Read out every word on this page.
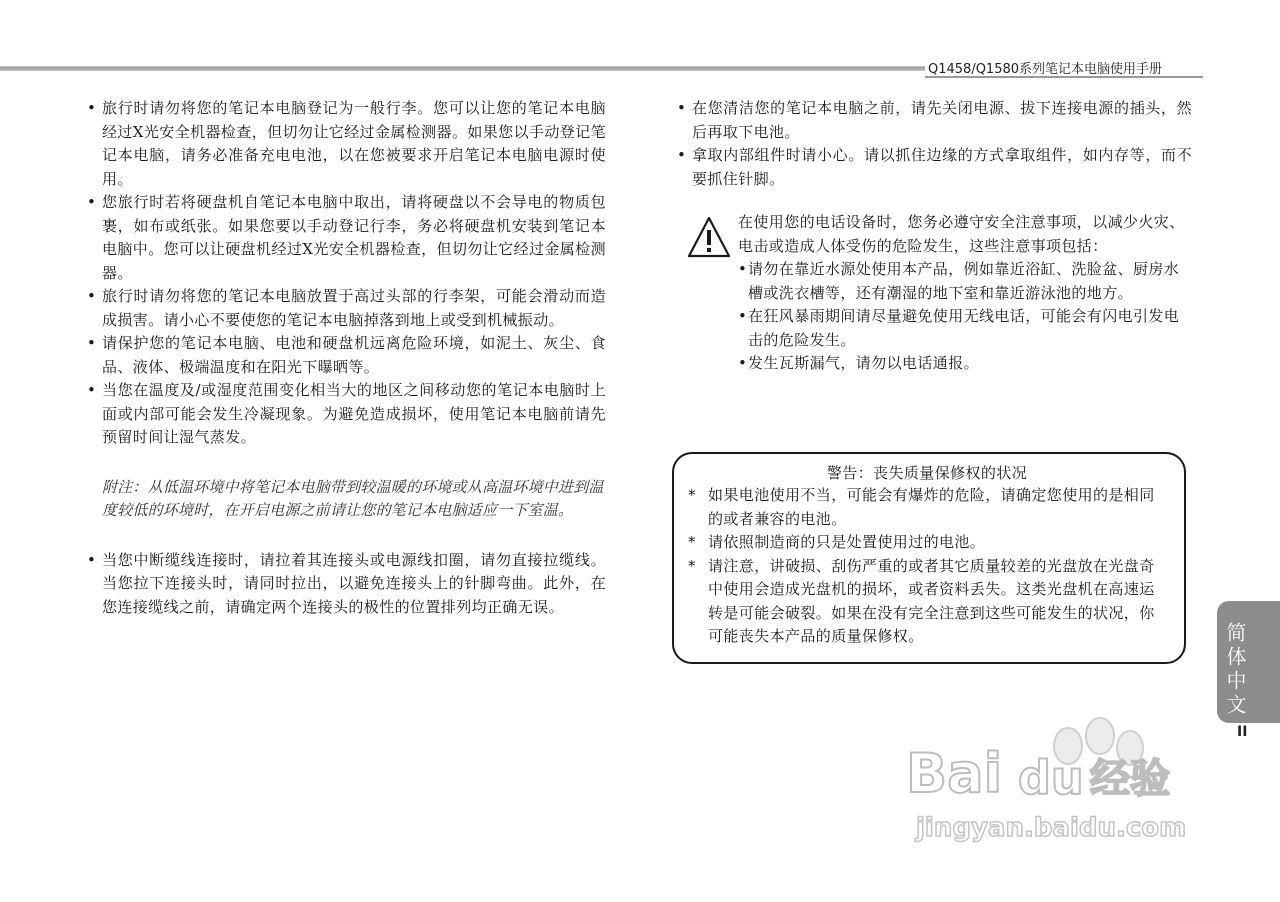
Q1458/Q1580系列笔记本电脑使用手册
• 旅行时请勿将您的笔记本电脑登记为一般行李。您可以让您的笔记本电脑经过X光安全机器检查，但切勿让它经过金属检测器。如果您以手动登记笔记本电脑，请务必准备充电电池，以在您被要求开启笔记本电脑电源时使用。
• 您旅行时若将硬盘机自笔记本电脑中取出，请将硬盘以不会导电的物质包裹，如布或纸张。如果您要以手动登记行李，务必将硬盘机安装到笔记本电脑中。您可以让硬盘机经过X光安全机器检查，但切勿让它经过金属检测器。
• 旅行时请勿将您的笔记本电脑放置于高过头部的行李架，可能会滑动而造成损害。请小心不要使您的笔记本电脑掉落到地上或受到机械振动。
• 请保护您的笔记本电脑、电池和硬盘机远离危险环境，如泥土、灰尘、食品、液体、极端温度和在阳光下曝晒等。
• 当您在温度及/或湿度范围变化相当大的地区之间移动您的笔记本电脑时上面或内部可能会发生冷凝现象。为避免造成损坏，使用笔记本电脑前请先预留时间让湿气蒸发。

附注：从低温环境中将笔记本电脑带到较温暖的环境或从高温环境中进到温度较低的环境时，在开启电源之前请让您的笔记本电脑适应一下室温。

• 当您中断缆线连接时，请拉着其连接头或电源线扣圈，请勿直接拉缆线。当您拉下连接头时，请同时拉出，以避免连接头上的针脚弯曲。此外，在您连接缆线之前，请确定两个连接头的极性的位置排列均正确无误。
• 在您清洁您的笔记本电脑之前，请先关闭电源、拔下连接电源的插头，然后再取下电池。
• 拿取内部组件时请小心。请以抓住边缘的方式拿取组件，如内存等，而不要抓住针脚。
在使用您的电话设备时，您务必遵守安全注意事项，以减少火灾、电击或造成人体受伤的危险发生，这些注意事项包括：
• 请勿在靠近水源处使用本产品，例如靠近浴缸、洗脸盆、厨房水槽或洗衣槽等，还有潮湿的地下室和靠近游泳池的地方。
• 在狂风暴雨期间请尽量避免使用无线电话，可能会有闪电引发电击的危险发生。
• 发生瓦斯漏气，请勿以电话通报。
警告：丧失质量保修权的状况
* 如果电池使用不当，可能会有爆炸的危险，请确定您使用的是相同的或者兼容的电池。
* 请依照制造商的只是处置使用过的电池。
* 请注意，讲破损、刮伤严重的或者其它质量较差的光盘放在光盘奇中使用会造成光盘机的损坏，或者资料丢失。这类光盘机在高速运转是可能会破裂。如果在没有完全注意到这些可能发生的状况，你可能丧失本产品的质量保修权。	简体中文
II
Bai du 经验
jingyan.baidu.com
